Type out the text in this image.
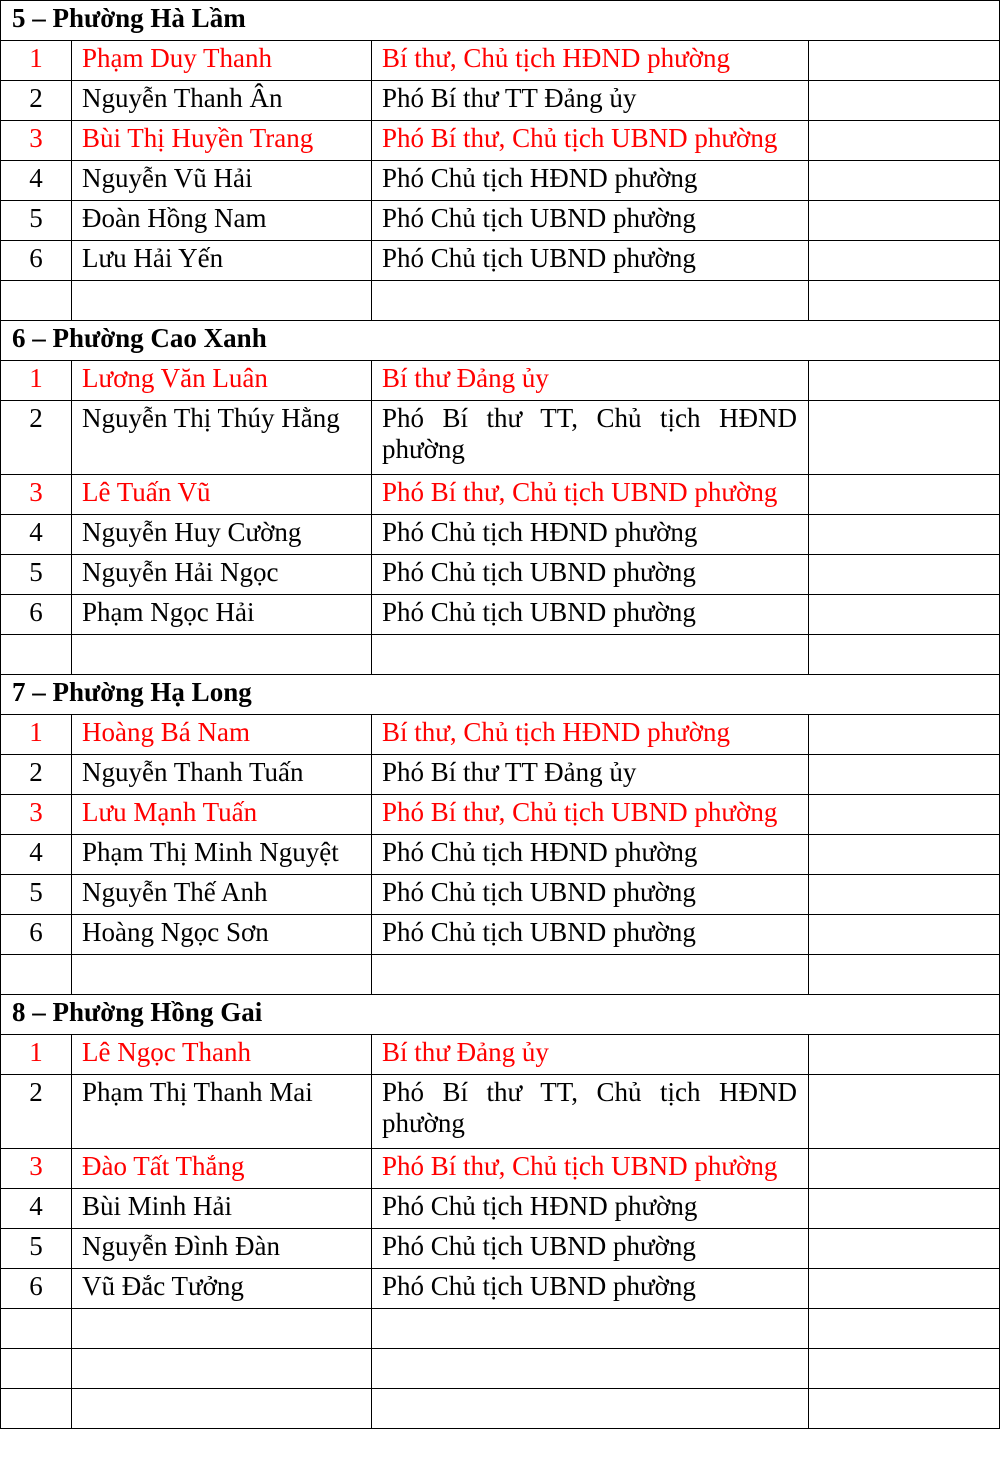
5 – Phường Hà Lầm			

1	Phạm Duy Thanh	Bí thư, Chủ tịch HĐND phường	

2	Nguyễn Thanh Ân	Phó Bí thư TT Đảng ủy	

3	Bùi Thị Huyền Trang	Phó Bí thư, Chủ tịch UBND phường	

4	Nguyễn Vũ Hải	Phó Chủ tịch HĐND phường	

5	Đoàn Hồng Nam	Phó Chủ tịch UBND phường	

6	Lưu Hải Yến	Phó Chủ tịch UBND phường	

6 – Phường Cao Xanh			

1	Lương Văn Luân	Bí thư Đảng ủy	

2	Nguyễn Thị Thúy Hằng	Phó Bí thư TT, Chủ tịch HĐND phường	

3	Lê Tuấn Vũ	Phó Bí thư, Chủ tịch UBND phường	

4	Nguyễn Huy Cường	Phó Chủ tịch HĐND phường	

5	Nguyễn Hải Ngọc	Phó Chủ tịch UBND phường	

6	Phạm Ngọc Hải	Phó Chủ tịch UBND phường	

7 – Phường Hạ Long			

1	Hoàng Bá Nam	Bí thư, Chủ tịch HĐND phường	

2	Nguyễn Thanh Tuấn	Phó Bí thư TT Đảng ủy	

3	Lưu Mạnh Tuấn	Phó Bí thư, Chủ tịch UBND phường	

4	Phạm Thị Minh Nguyệt	Phó Chủ tịch HĐND phường	

5	Nguyễn Thế Anh	Phó Chủ tịch UBND phường	

6	Hoàng Ngọc Sơn	Phó Chủ tịch UBND phường	

8 – Phường Hồng Gai			

1	Lê Ngọc Thanh	Bí thư Đảng ủy	

2	Phạm Thị Thanh Mai	Phó Bí thư TT, Chủ tịch HĐND phường	

3	Đào Tất Thắng	Phó Bí thư, Chủ tịch UBND phường	

4	Bùi Minh Hải	Phó Chủ tịch HĐND phường	

5	Nguyễn Đình Đàn	Phó Chủ tịch UBND phường	

6	Vũ Đắc Tưởng	Phó Chủ tịch UBND phường	
